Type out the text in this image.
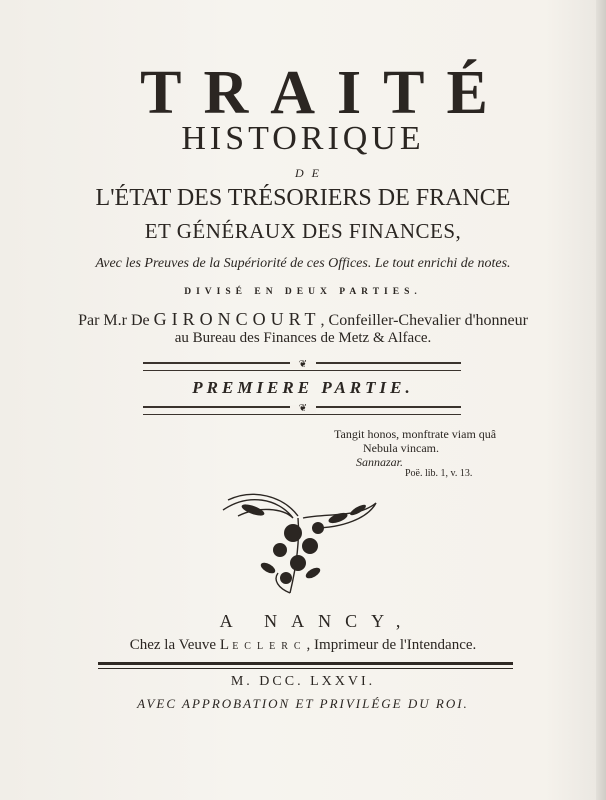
TRAITÉ
HISTORIQUE
DE
L'ÉTAT DES TRÉSORIERS DE FRANCE
ET GÉNÉRAUX DES FINANCES,
Avec les Preuves de la Supériorité de ces Offices. Le tout enrichi de notes.
DIVISÉ EN DEUX PARTIES.
Par M.r De GIRONCOURT, Confeiller-Chevalier d'honneur
au Bureau des Finances de Metz & Alface.
❦
PREMIERE PARTIE.
❦
Tangit honos, monftrate viam quâ
Nebula vincam.
Sannazar.
Poë. lib. 1, v. 13.
A NANCY,
Chez la Veuve L ECLERC, Imprimeur de l'Intendance.
M. DCC. LXXVI.
AVEC APPROBATION ET PRIVILÉGE DU ROI.
